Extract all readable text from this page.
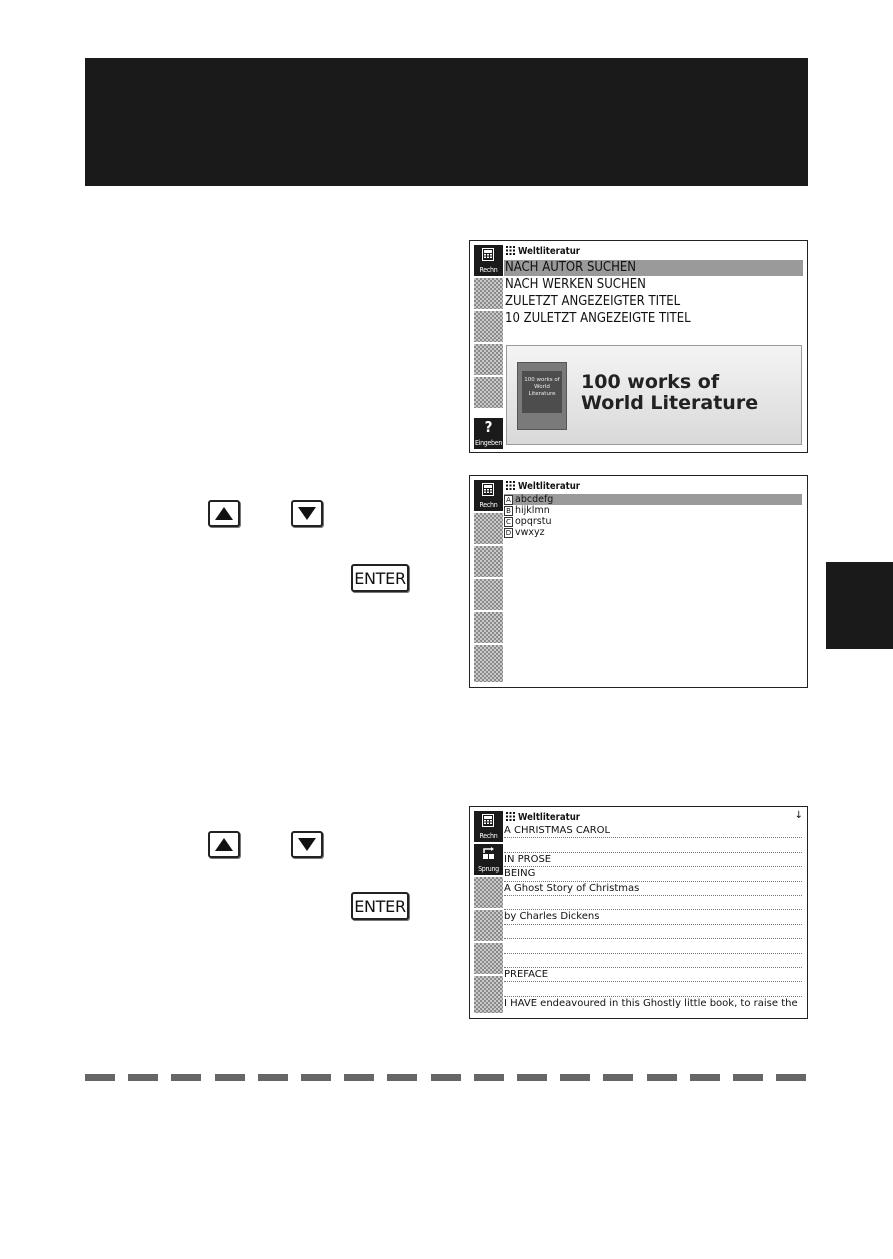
ENTER
ENTER
Rechn
?
Eingeben
Weltliteratur
NACH AUTOR SUCHEN
NACH WERKEN SUCHEN
ZULETZT ANGEZEIGTER TITEL
10 ZULETZT ANGEZEIGTE TITEL
100 works of World Literature
100 works of
World Literature
Rechn
Weltliteratur
A abcdefg
B hijklmn
C opqrstu
D vwxyz
Rechn
Sprung
Weltliteratur	↓
A CHRISTMAS CAROL
IN PROSE
BEING
A Ghost Story of Christmas
by Charles Dickens
PREFACE
I HAVE endeavoured in this Ghostly little book, to raise the
